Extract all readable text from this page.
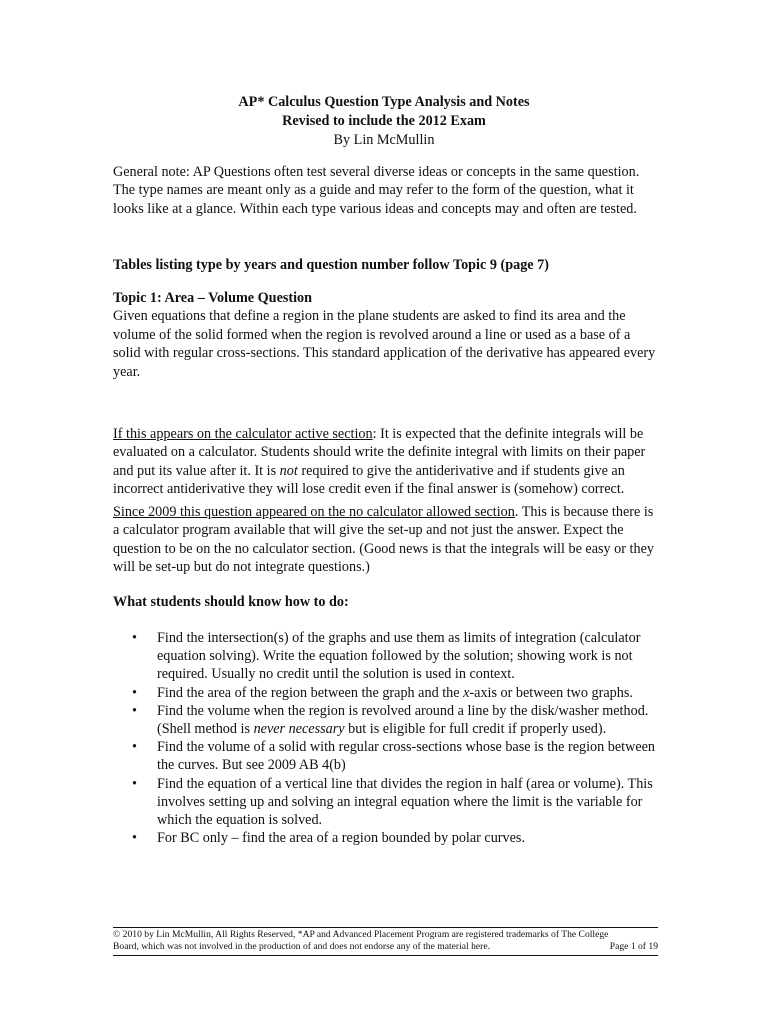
AP* Calculus Question Type Analysis and Notes
Revised to include the 2012 Exam
By Lin McMullin
General note: AP Questions often test several diverse ideas or concepts in the same question. The type names are meant only as a guide and may refer to the form of the question, what it looks like at a glance. Within each type various ideas and concepts may and often are tested.
Tables listing type by years and question number follow Topic 9 (page 7)
Topic 1: Area – Volume Question
Given equations that define a region in the plane students are asked to find its area and the volume of the solid formed when the region is revolved around a line or used as a base of a solid with regular cross-sections. This standard application of the derivative has appeared every year.
If this appears on the calculator active section: It is expected that the definite integrals will be evaluated on a calculator. Students should write the definite integral with limits on their paper and put its value after it. It is not required to give the antiderivative and if students give an incorrect antiderivative they will lose credit even if the final answer is (somehow) correct.
Since 2009 this question appeared on the no calculator allowed section. This is because there is a calculator program available that will give the set-up and not just the answer. Expect the question to be on the no calculator section. (Good news is that the integrals will be easy or they will be set-up but do not integrate questions.)
What students should know how to do:
• Find the intersection(s) of the graphs and use them as limits of integration (calculator equation solving). Write the equation followed by the solution; showing work is not required. Usually no credit until the solution is used in context.
• Find the area of the region between the graph and the x-axis or between two graphs.
• Find the volume when the region is revolved around a line by the disk/washer method. (Shell method is never necessary but is eligible for full credit if properly used).
• Find the volume of a solid with regular cross-sections whose base is the region between the curves. But see 2009 AB 4(b)
• Find the equation of a vertical line that divides the region in half (area or volume). This involves setting up and solving an integral equation where the limit is the variable for which the equation is solved.
• For BC only – find the area of a region bounded by polar curves.
© 2010 by Lin McMullin, All Rights Reserved, *AP and Advanced Placement Program are registered trademarks of The College
Board, which was not involved in the production of and does not endorse any of the material here.	Page 1 of 19
